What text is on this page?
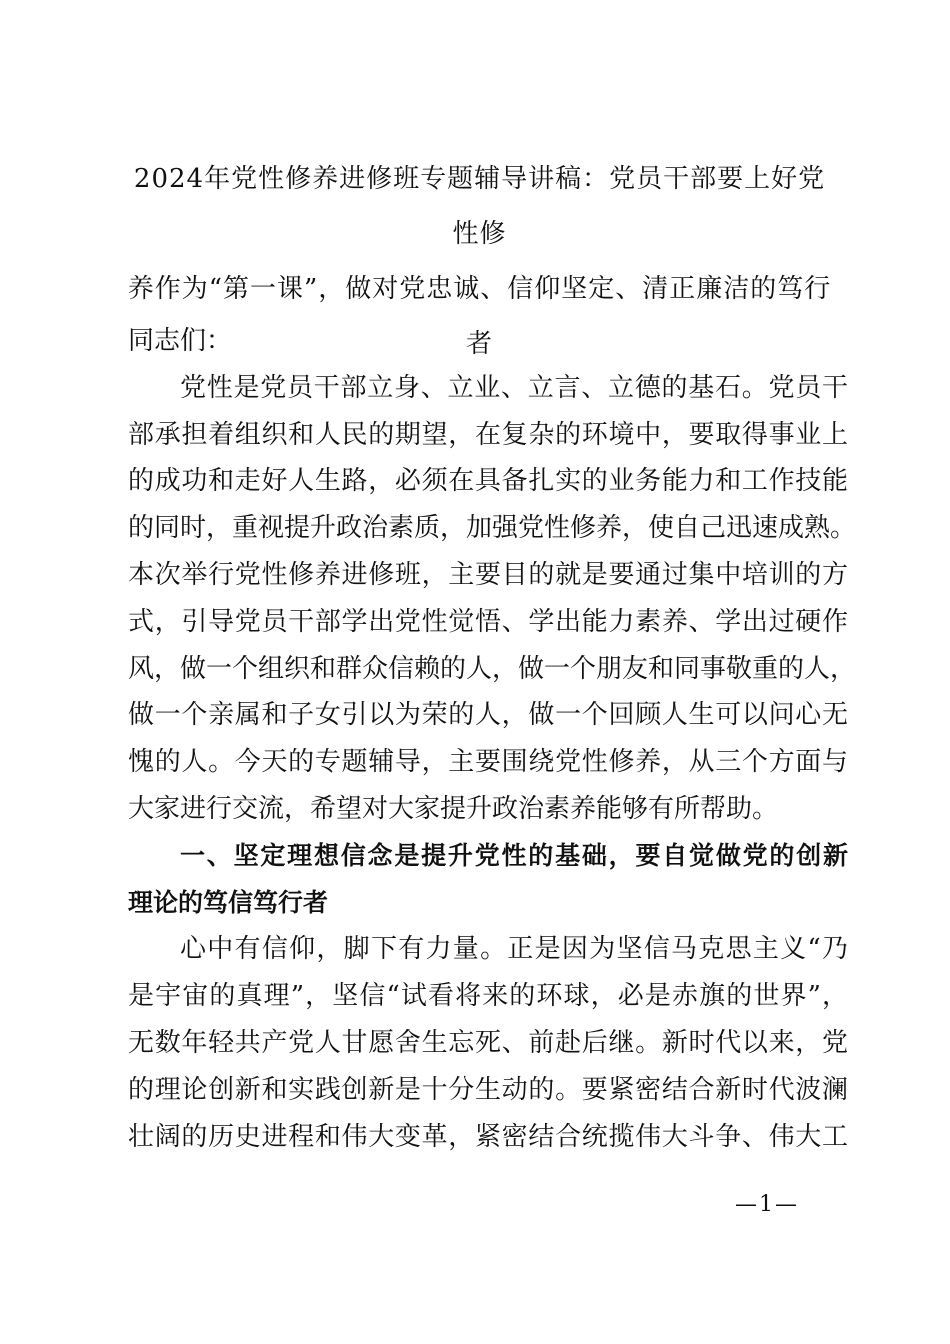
2024年党性修养进修班专题辅导讲稿：党员干部要上好党性修
养作为“第一课”，做对党忠诚、信仰坚定、清正廉洁的笃行
者
同志们：
党性是党员干部立身、立业、立言、立德的基石。党员干
部承担着组织和人民的期望，在复杂的环境中，要取得事业上
的成功和走好人生路，必须在具备扎实的业务能力和工作技能
的同时，重视提升政治素质，加强党性修养，使自己迅速成熟。
本次举行党性修养进修班，主要目的就是要通过集中培训的方
式，引导党员干部学出党性觉悟、学出能力素养、学出过硬作
风，做一个组织和群众信赖的人，做一个朋友和同事敬重的人，
做一个亲属和子女引以为荣的人，做一个回顾人生可以问心无
愧的人。今天的专题辅导，主要围绕党性修养，从三个方面与
大家进行交流，希望对大家提升政治素养能够有所帮助。
一、坚定理想信念是提升党性的基础，要自觉做党的创新
理论的笃信笃行者
心中有信仰，脚下有力量。正是因为坚信马克思主义“乃
是宇宙的真理”，坚信“试看将来的环球，必是赤旗的世界”，
无数年轻共产党人甘愿舍生忘死、前赴后继。新时代以来，党
的理论创新和实践创新是十分生动的。要紧密结合新时代波澜
壮阔的历史进程和伟大变革，紧密结合统揽伟大斗争、伟大工
—1—
